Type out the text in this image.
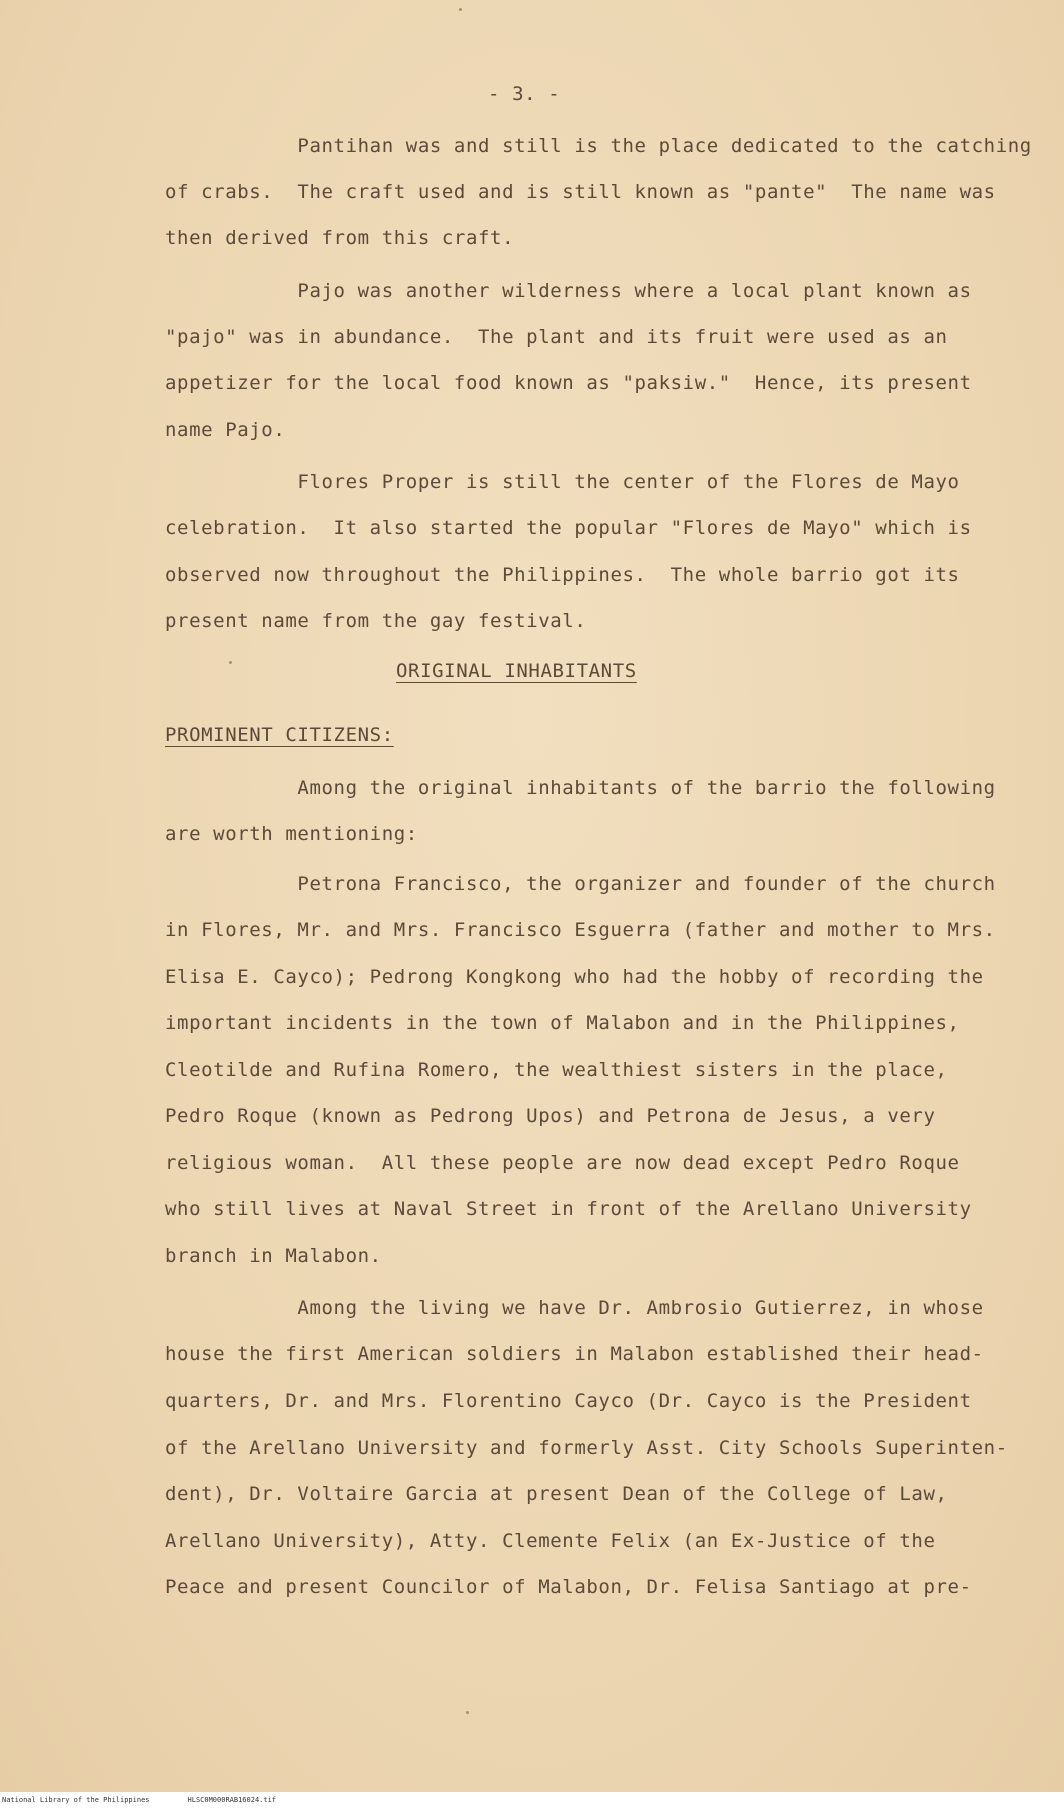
- 3. -
Pantihan was and still is the place dedicated to the catching
of crabs.  The craft used and is still known as "pante"  The name was
then derived from this craft.
Pajo was another wilderness where a local plant known as
"pajo" was in abundance.  The plant and its fruit were used as an
appetizer for the local food known as "paksiw."  Hence, its present
name Pajo.
Flores Proper is still the center of the Flores de Mayo
celebration.  It also started the popular "Flores de Mayo" which is
observed now throughout the Philippines.  The whole barrio got its
present name from the gay festival.
ORIGINAL INHABITANTS
PROMINENT CITIZENS:
Among the original inhabitants of the barrio the following
are worth mentioning:
Petrona Francisco, the organizer and founder of the church
in Flores, Mr. and Mrs. Francisco Esguerra (father and mother to Mrs.
Elisa E. Cayco); Pedrong Kongkong who had the hobby of recording the
important incidents in the town of Malabon and in the Philippines,
Cleotilde and Rufina Romero, the wealthiest sisters in the place,
Pedro Roque (known as Pedrong Upos) and Petrona de Jesus, a very
religious woman.  All these people are now dead except Pedro Roque
who still lives at Naval Street in front of the Arellano University
branch in Malabon.
Among the living we have Dr. Ambrosio Gutierrez, in whose
house the first American soldiers in Malabon established their head-
quarters, Dr. and Mrs. Florentino Cayco (Dr. Cayco is the President
of the Arellano University and formerly Asst. City Schools Superinten-
dent), Dr. Voltaire Garcia at present Dean of the College of Law,
Arellano University), Atty. Clemente Felix (an Ex-Justice of the
Peace and present Councilor of Malabon, Dr. Felisa Santiago at pre-
National Library of the Philippines	HLSC0M000RAB16024.tif
